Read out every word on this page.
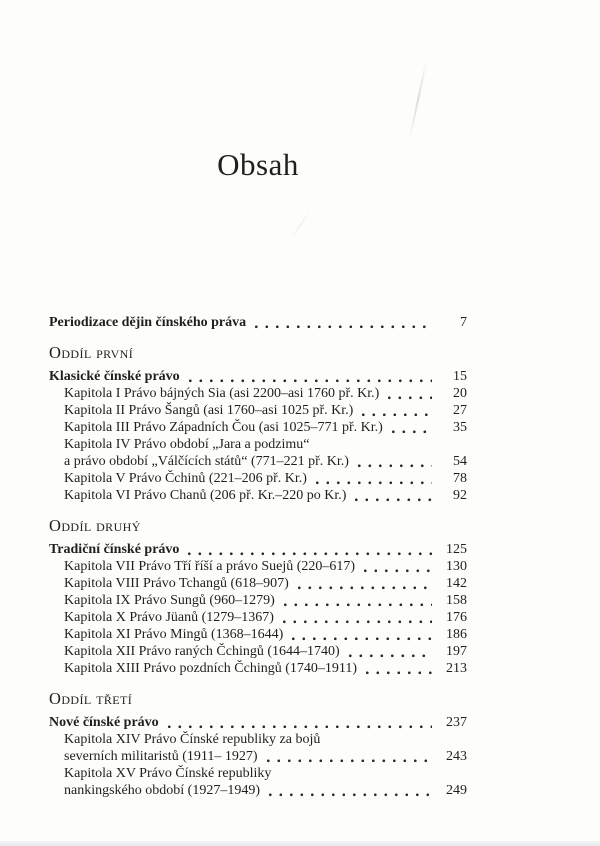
Obsah
Periodizace dějin čínského práva	7
Oddíl první
Klasické čínské právo	15
Kapitola I Právo bájných Sia (asi 2200–asi 1760 př. Kr.)	20
Kapitola II Právo Šangů (asi 1760–asi 1025 př. Kr.)	27
Kapitola III Právo Západních Čou (asi 1025–771 př. Kr.)	35
Kapitola IV Právo období „Jara a podzimu“
a právo období „Válčících států“ (771–221 př. Kr.)	54
Kapitola V Právo Čchinů (221–206 př. Kr.)	78
Kapitola VI Právo Chanů (206 př. Kr.–220 po Kr.)	92
Oddíl druhý
Tradiční čínské právo	125
Kapitola VII Právo Tří říší a právo Suejů (220–617)	130
Kapitola VIII Právo Tchangů (618–907)	142
Kapitola IX Právo Sungů (960–1279)	158
Kapitola X Právo Jüanů (1279–1367)	176
Kapitola XI Právo Mingů (1368–1644)	186
Kapitola XII Právo raných Čchingů (1644–1740)	197
Kapitola XIII Právo pozdních Čchingů (1740–1911)	213
Oddíl třetí
Nové čínské právo	237
Kapitola XIV Právo Čínské republiky za bojů
severních militaristů (1911– 1927)	243
Kapitola XV Právo Čínské republiky
nankingského období (1927–1949)	249
